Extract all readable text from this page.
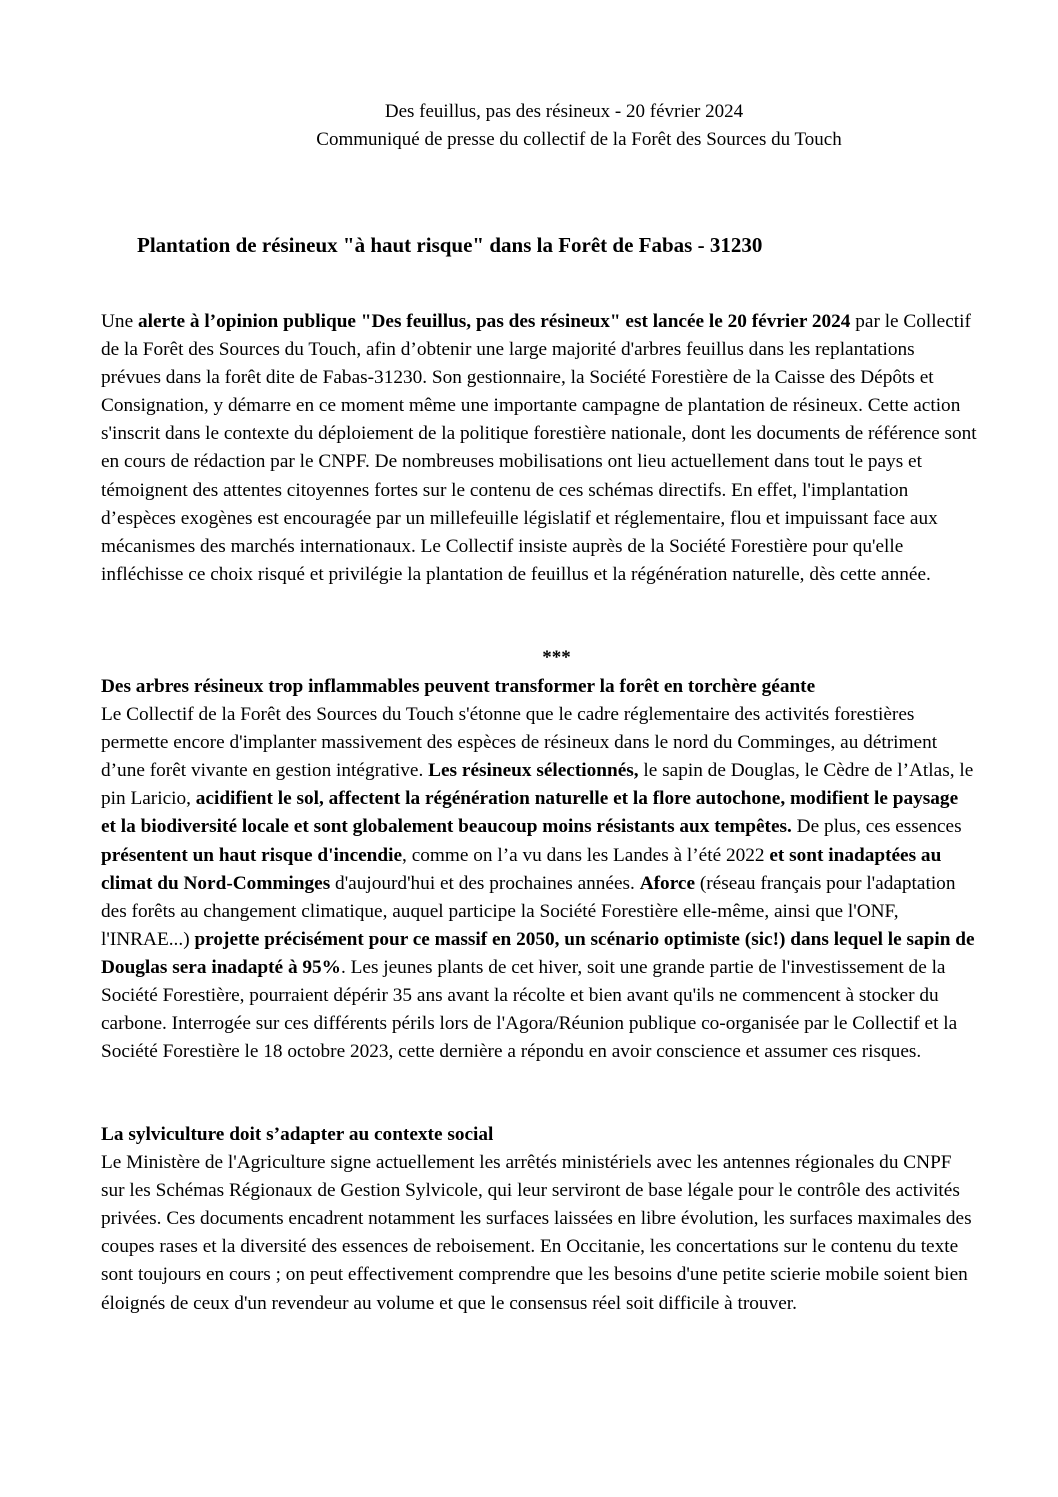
Des feuillus, pas des résineux - 20 février 2024
Communiqué de presse du collectif de la Forêt des Sources du Touch
Plantation de résineux "à haut risque" dans la Forêt de Fabas - 31230
Une alerte à l’opinion publique "Des feuillus, pas des résineux" est lancée le 20 février 2024 par le Collectif de la Forêt des Sources du Touch, afin d’obtenir une large majorité d'arbres feuillus dans les replantations prévues dans la forêt dite de Fabas-31230. Son gestionnaire, la Société Forestière de la Caisse des Dépôts et Consignation, y démarre en ce moment même une importante campagne de plantation de résineux. Cette action s'inscrit dans le contexte du déploiement de la politique forestière nationale, dont les documents de référence sont en cours de rédaction par le CNPF. De nombreuses mobilisations ont lieu actuellement dans tout le pays et témoignent des attentes citoyennes fortes sur le contenu de ces schémas directifs. En effet, l'implantation d’espèces exogènes est encouragée par un millefeuille législatif et réglementaire, flou et impuissant face aux mécanismes des marchés internationaux. Le Collectif insiste auprès de la Société Forestière pour qu'elle infléchisse ce choix risqué et privilégie la plantation de feuillus et la régénération naturelle, dès cette année.
***
Des arbres résineux trop inflammables peuvent transformer la forêt en torchère géante
Le Collectif de la Forêt des Sources du Touch s'étonne que le cadre réglementaire des activités forestières permette encore d'implanter massivement des espèces de résineux dans le nord du Comminges, au détriment d’une forêt vivante en gestion intégrative. Les résineux sélectionnés, le sapin de Douglas, le Cèdre de l’Atlas, le pin Laricio, acidifient le sol, affectent la régénération naturelle et la flore autochone, modifient le paysage et la biodiversité locale et sont globalement beaucoup moins résistants aux tempêtes. De plus, ces essences présentent un haut risque d'incendie, comme on l’a vu dans les Landes à l’été 2022 et sont inadaptées au climat du Nord-Comminges d'aujourd'hui et des prochaines années. Aforce (réseau français pour l'adaptation des forêts au changement climatique, auquel participe la Société Forestière elle-même, ainsi que l'ONF, l'INRAE...) projette précisément pour ce massif en 2050, un scénario optimiste (sic!) dans lequel le sapin de Douglas sera inadapté à 95%. Les jeunes plants de cet hiver, soit une grande partie de l'investissement de la Société Forestière, pourraient dépérir 35 ans avant la récolte et bien avant qu'ils ne commencent à stocker du carbone. Interrogée sur ces différents périls lors de l'Agora/Réunion publique co-organisée par le Collectif et la Société Forestière le 18 octobre 2023, cette dernière a répondu en avoir conscience et assumer ces risques.
La sylviculture doit s’adapter au contexte social
Le Ministère de l'Agriculture signe actuellement les arrêtés ministériels avec les antennes régionales du CNPF sur les Schémas Régionaux de Gestion Sylvicole, qui leur serviront de base légale pour le contrôle des activités privées. Ces documents encadrent notamment les surfaces laissées en libre évolution, les surfaces maximales des coupes rases et la diversité des essences de reboisement. En Occitanie, les concertations sur le contenu du texte sont toujours en cours ; on peut effectivement comprendre que les besoins d'une petite scierie mobile soient bien éloignés de ceux d'un revendeur au volume et que le consensus réel soit difficile à trouver.
